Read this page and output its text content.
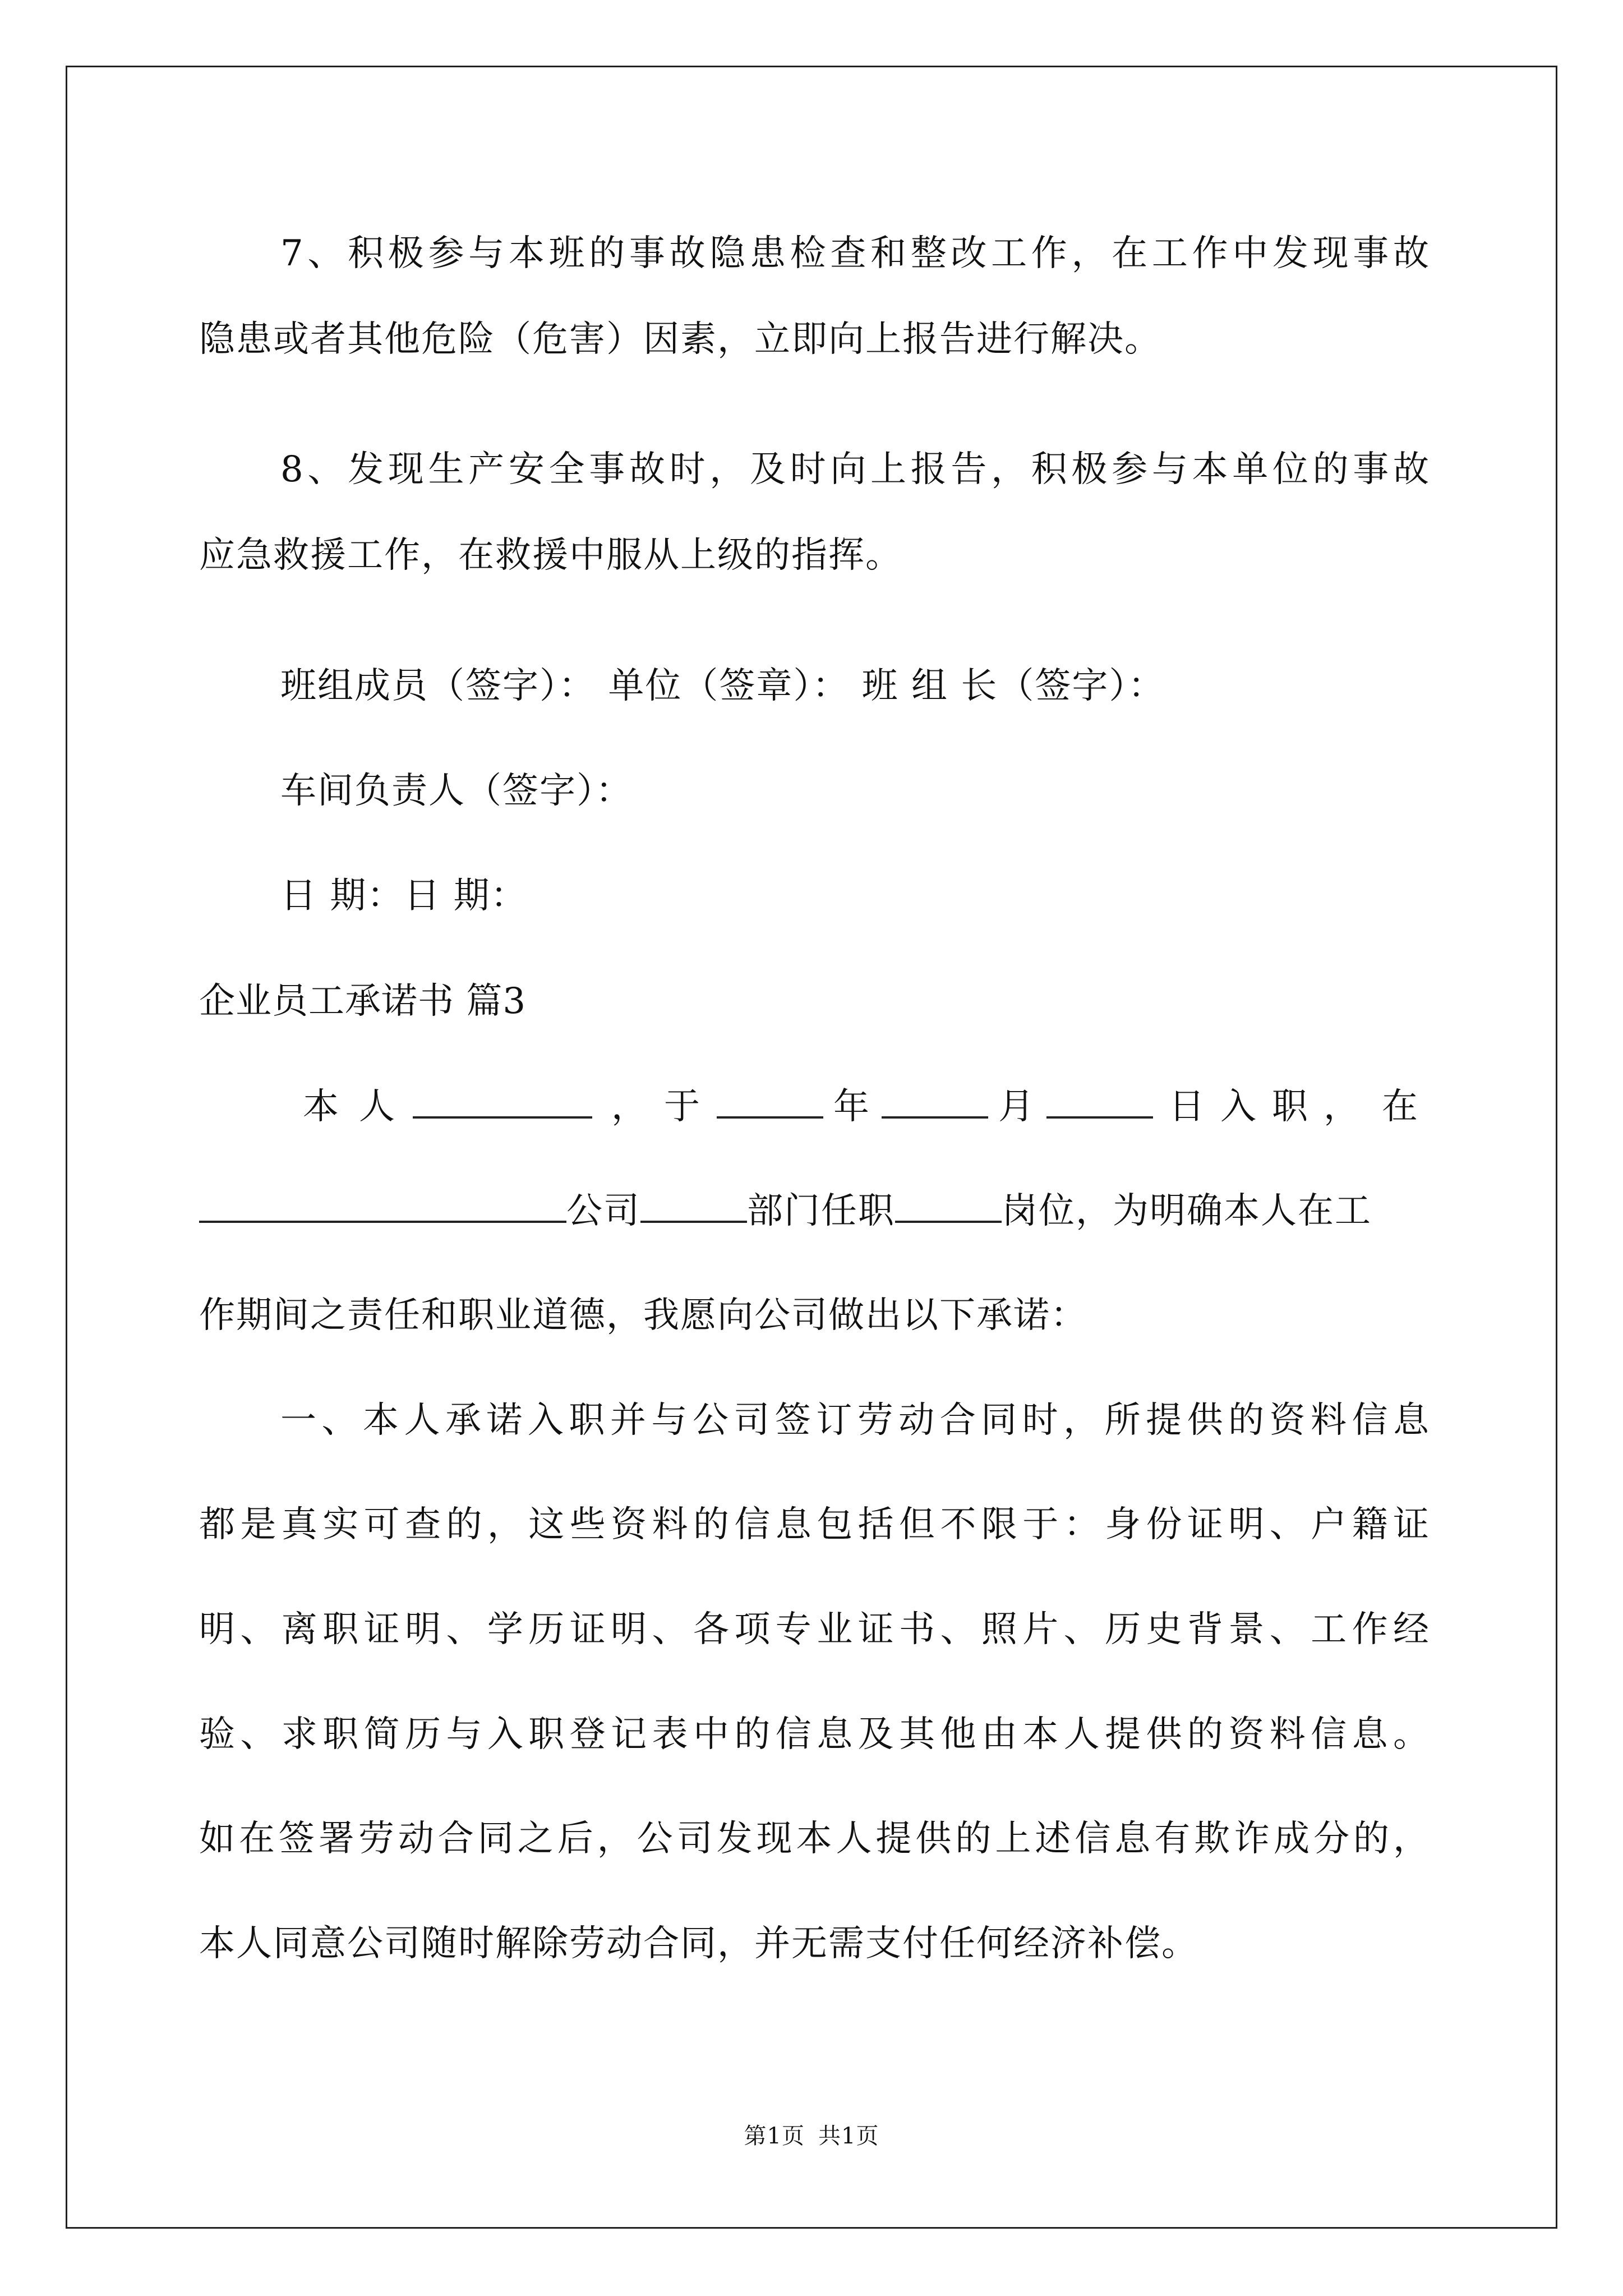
7、积极参与本班的事故隐患检查和整改工作，在工作中发现事故
隐患或者其他危险（危害）因素，立即向上报告进行解决。
8、发现生产安全事故时，及时向上报告，积极参与本单位的事故
应急救援工作，在救援中服从上级的指挥。
班组成员（签字）： 单位（签章）： 班 组 长（签字）：
车间负责人（签字）：
日 期：日 期：
企业员工承诺书 篇3
本 人	， 于	年	月	日 入 职 ， 在
公司	部门任职	岗位，为明确本人在工
作期间之责任和职业道德，我愿向公司做出以下承诺：
一、本人承诺入职并与公司签订劳动合同时，所提供的资料信息
都是真实可查的，这些资料的信息包括但不限于：身份证明、户籍证
明、离职证明、学历证明、各项专业证书、照片、历史背景、工作经
验、求职简历与入职登记表中的信息及其他由本人提供的资料信息。
如在签署劳动合同之后，公司发现本人提供的上述信息有欺诈成分的，
本人同意公司随时解除劳动合同，并无需支付任何经济补偿。
第1页 共1页
